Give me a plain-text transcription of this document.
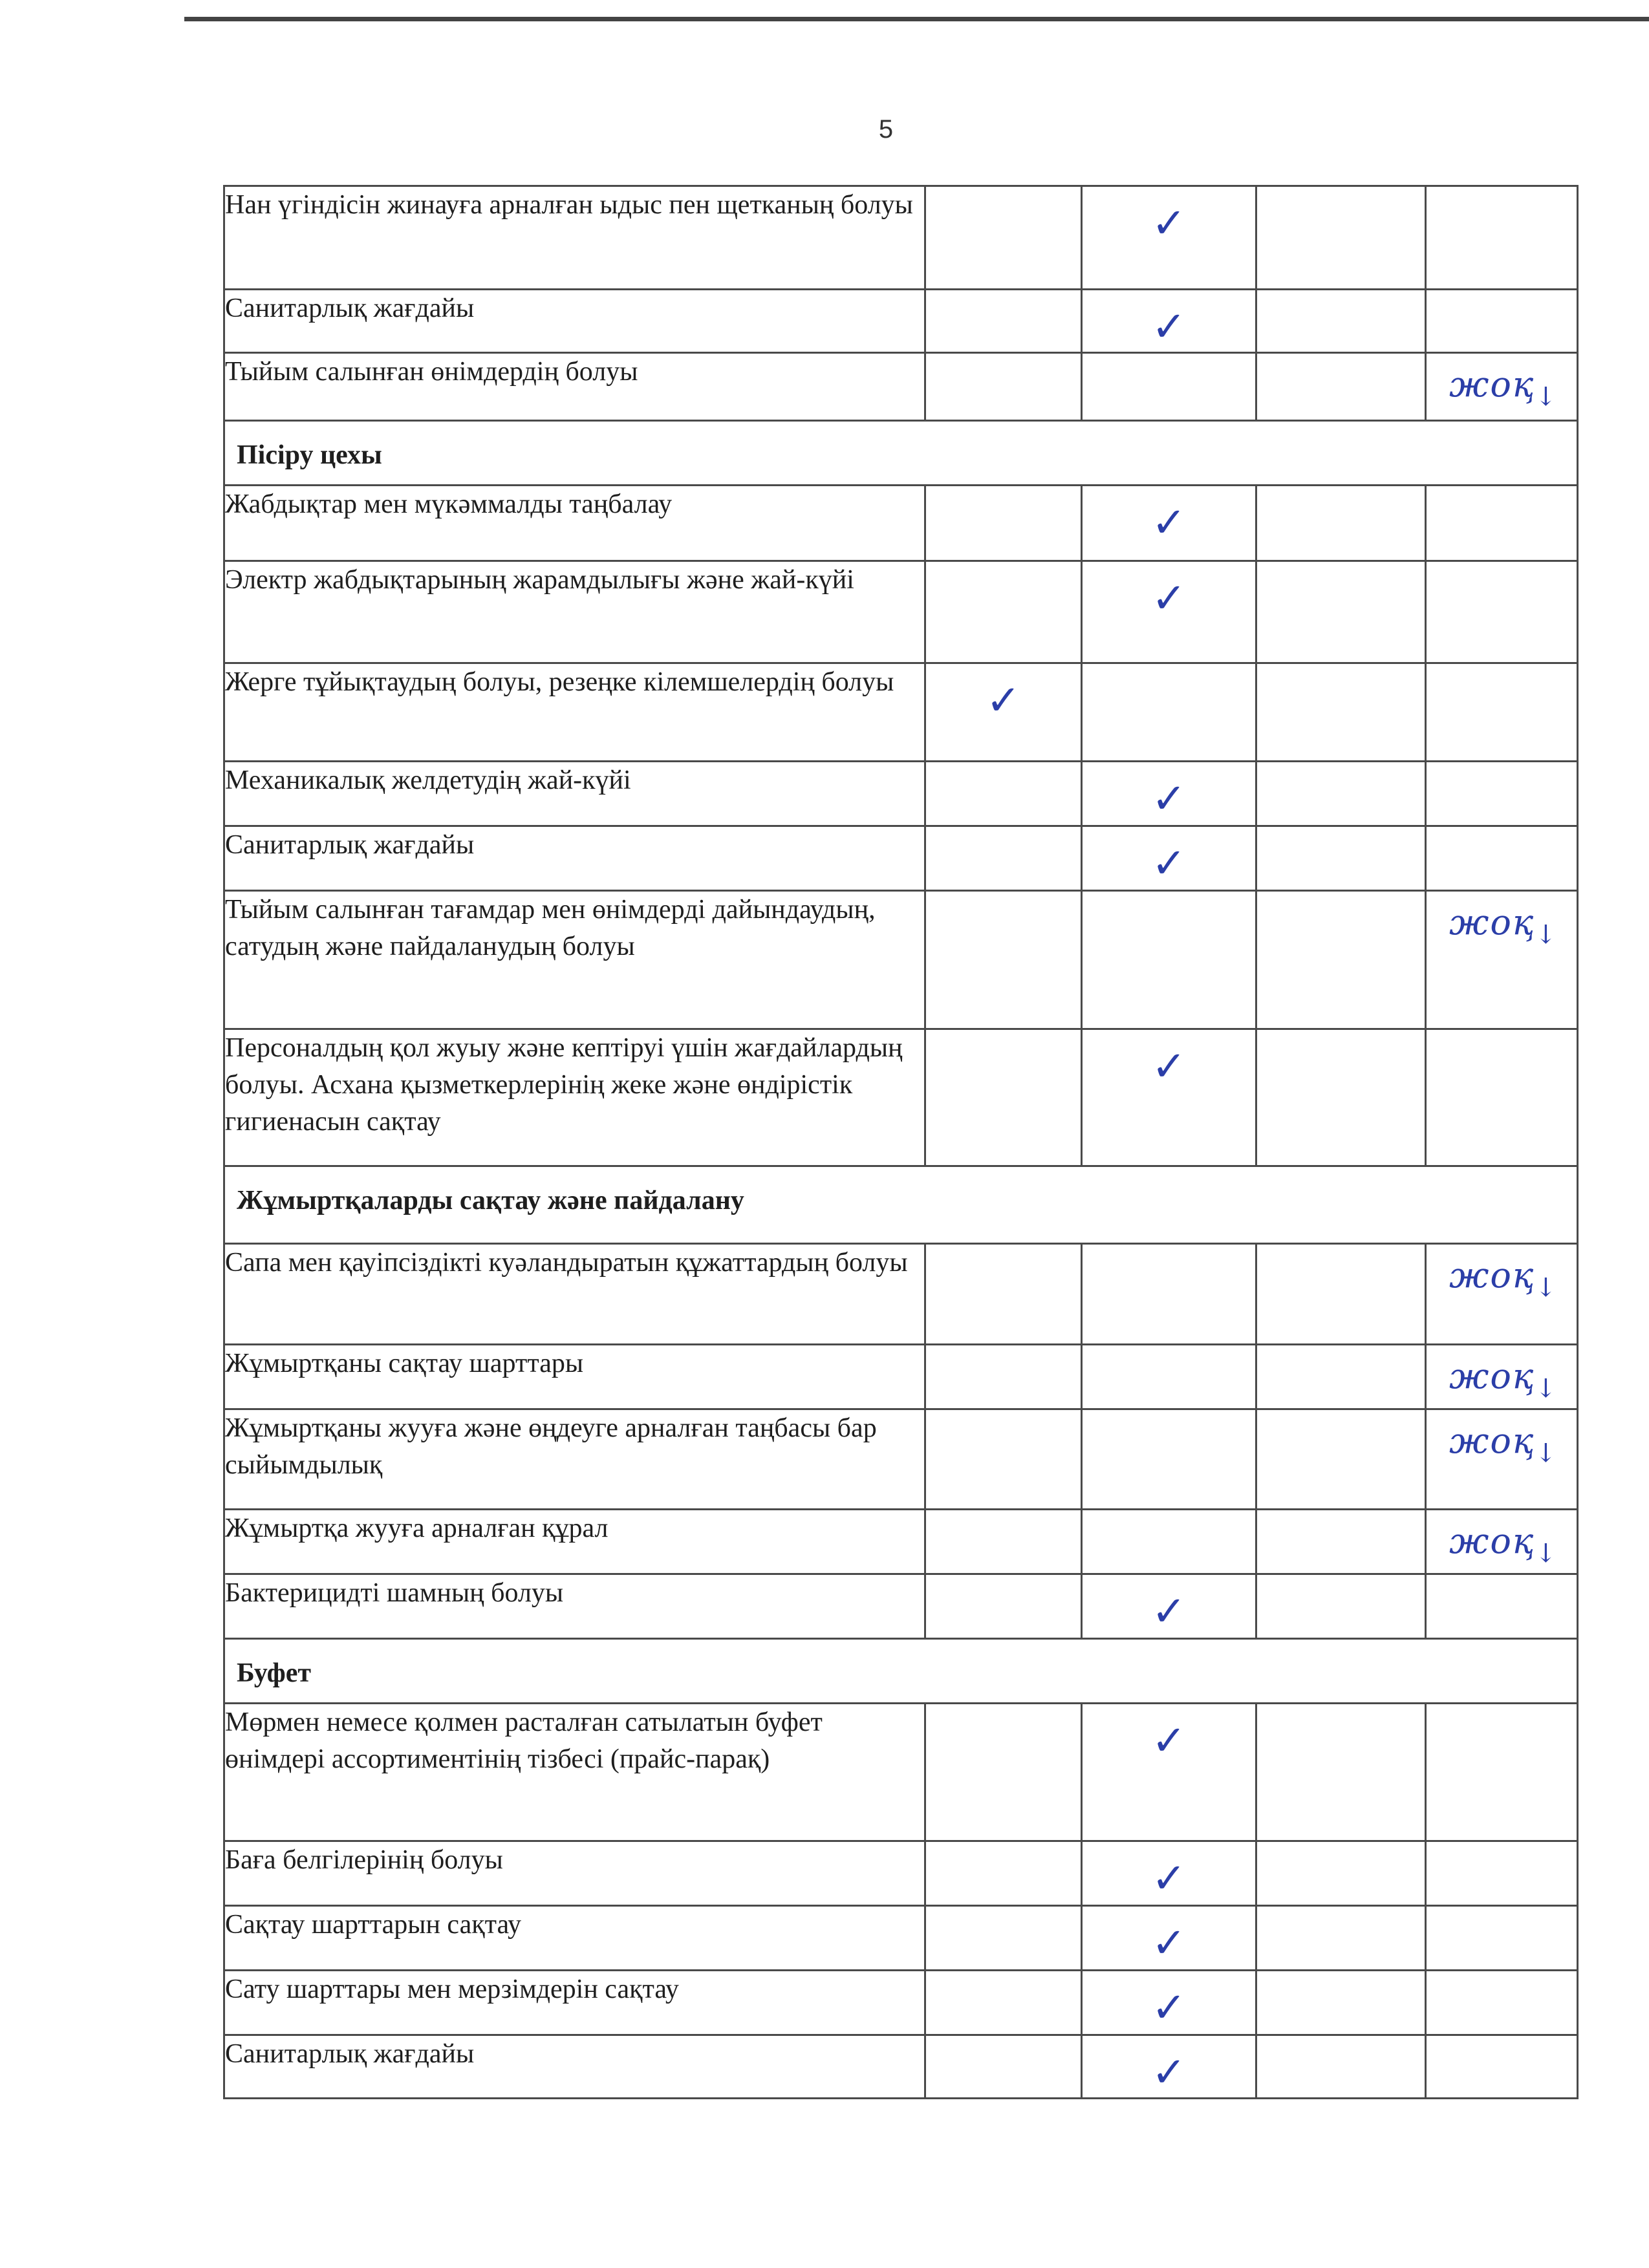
5
Нан үгіндісін жинауға арналған ыдыс пен щетканың болуы		✓		
Санитарлық жағдайы		✓		
Тыйым салынған өнімдердің болуы				жоқ ↓
Пісіру цехы				
Жабдықтар мен мүкәммалды таңбалау		✓		
Электр жабдықтарының жарамдылығы және жай-күйі		✓		
Жерге тұйықтаудың болуы, резеңке кілемшелердің болуы	✓			
Механикалық желдетудің жай-күйі		✓		
Санитарлық жағдайы		✓		
Тыйым салынған тағамдар мен өнімдерді дайындаудың, сатудың және пайдаланудың болуы				жоқ ↓
Персоналдың қол жуыу және кептіруі үшін жағдайлардың болуы. Асхана қызметкерлерінің жеке және өндірістік гигиенасын сақтау		✓		
Жұмыртқаларды сақтау және пайдалану				
Сапа мен қауіпсіздікті куәландыратын құжаттардың болуы				жоқ ↓
Жұмыртқаны сақтау шарттары				жоқ ↓
Жұмыртқаны жууға және өңдеуге арналған таңбасы бар сыйымдылық				жоқ ↓
Жұмыртқа жууға арналған құрал				жоқ ↓
Бактерицидті шамның болуы		✓		
Буфет				
Мөрмен немесе қолмен расталған сатылатын буфет өнімдері ассортиментінің тізбесі (прайс-парақ)		✓		
Баға белгілерінің болуы		✓		
Сақтау шарттарын сақтау		✓		
Сату шарттары мен мерзімдерін сақтау		✓		
Санитарлық жағдайы		✓		
